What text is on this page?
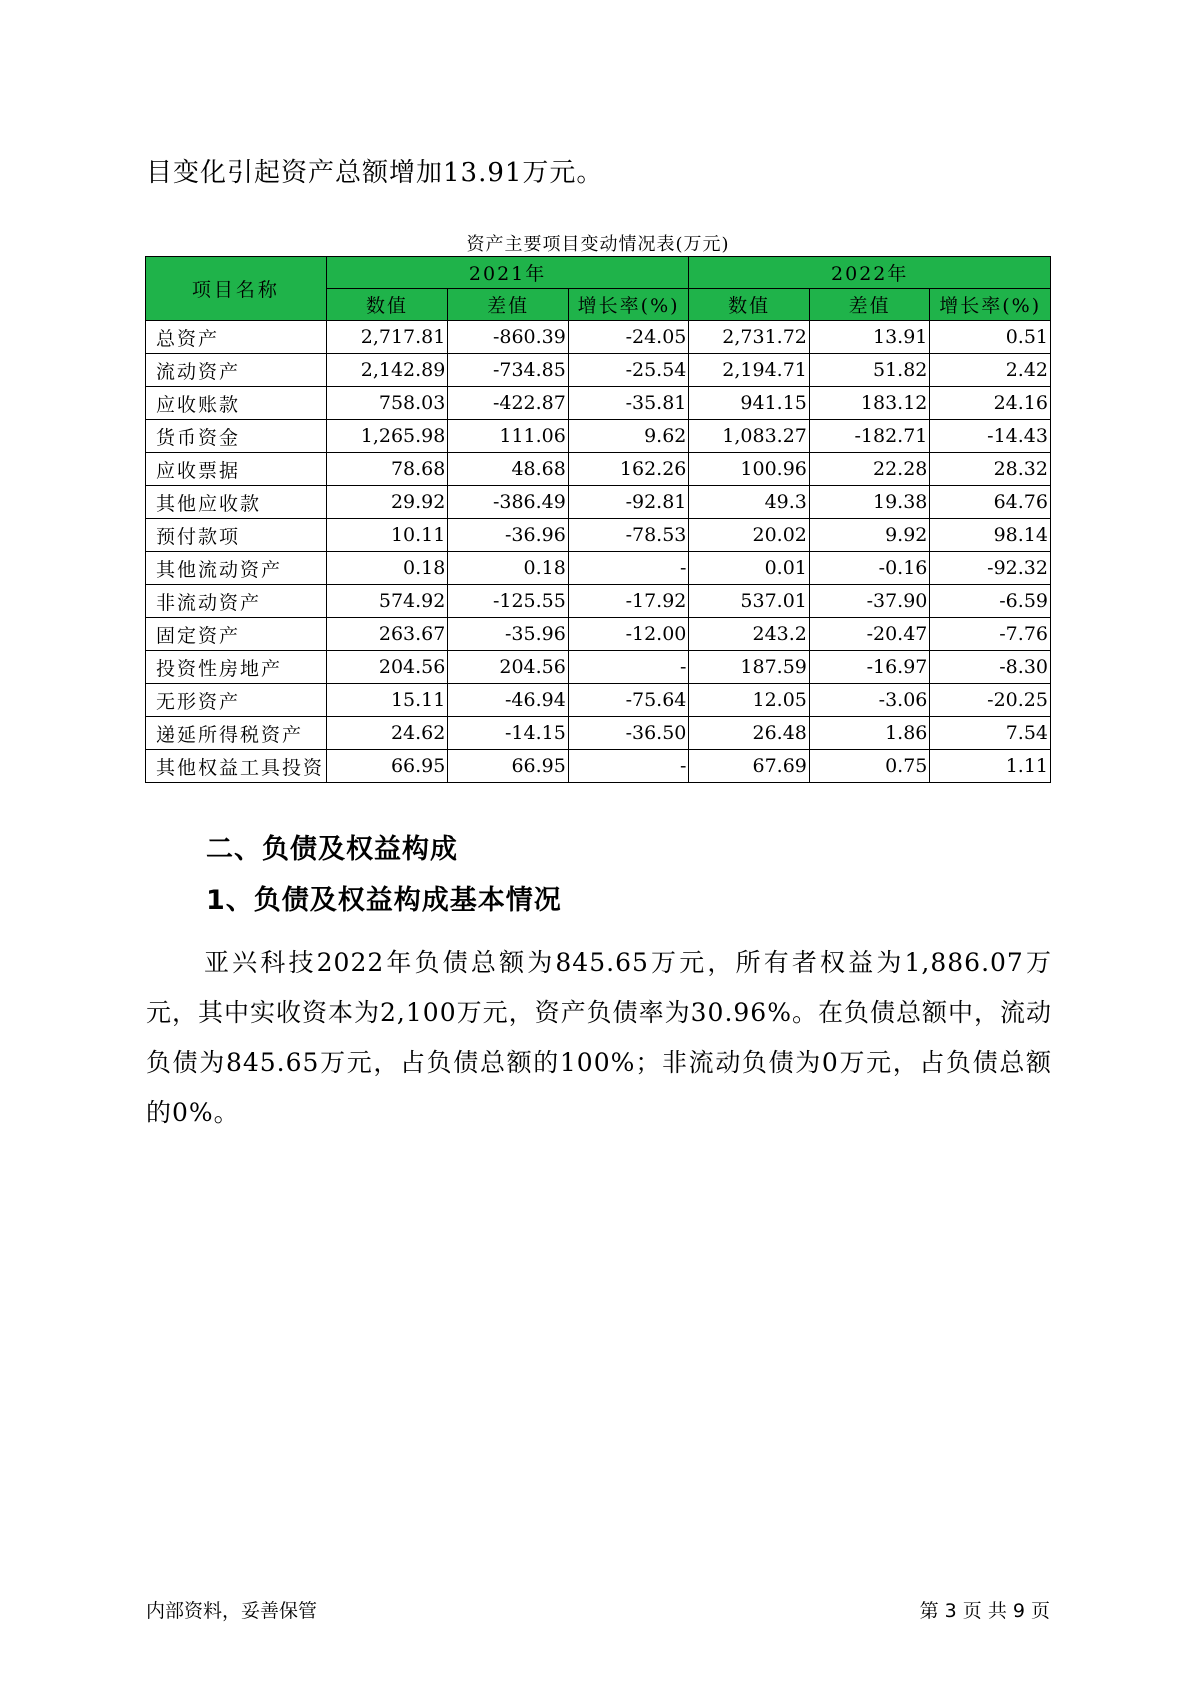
目变化引起资产总额增加13.91万元。
资产主要项目变动情况表(万元)
项目名称	2021年			2022年		
	数值	差值	增长率(%)	数值	差值	增长率(%)
总资产	2,717.81	-860.39	-24.05	2,731.72	13.91	0.51
流动资产	2,142.89	-734.85	-25.54	2,194.71	51.82	2.42
应收账款	758.03	-422.87	-35.81	941.15	183.12	24.16
货币资金	1,265.98	111.06	9.62	1,083.27	-182.71	-14.43
应收票据	78.68	48.68	162.26	100.96	22.28	28.32
其他应收款	29.92	-386.49	-92.81	49.3	19.38	64.76
预付款项	10.11	-36.96	-78.53	20.02	9.92	98.14
其他流动资产	0.18	0.18	-	0.01	-0.16	-92.32
非流动资产	574.92	-125.55	-17.92	537.01	-37.90	-6.59
固定资产	263.67	-35.96	-12.00	243.2	-20.47	-7.76
投资性房地产	204.56	204.56	-	187.59	-16.97	-8.30
无形资产	15.11	-46.94	-75.64	12.05	-3.06	-20.25
递延所得税资产	24.62	-14.15	-36.50	26.48	1.86	7.54
其他权益工具投资	66.95	66.95	-	67.69	0.75	1.11
二、负债及权益构成
1、负债及权益构成基本情况

亚兴科技2022年负债总额为845.65万元，所有者权益为1,886.07万元，其中实收资本为2,100万元，资产负债率为30.96%。在负债总额中，流动负债为845.65万元，占负债总额的100%；非流动负债为0万元，占负债总额的0%。

内部资料，妥善保管	第 3 页 共 9 页
